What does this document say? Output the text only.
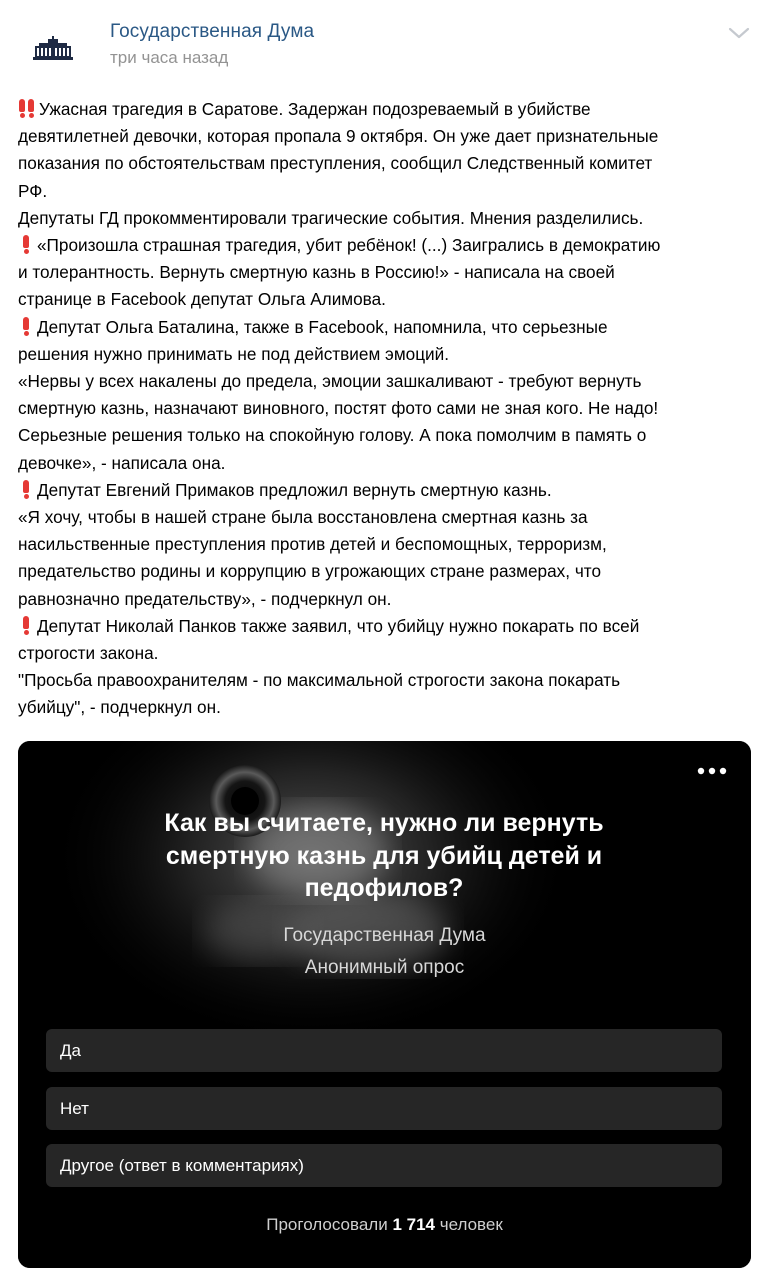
Государственная Дума
три часа назад

Ужасная трагедия в Саратове. Задержан подозреваемый в убийстве

девятилетней девочки, которая пропала 9 октября. Он уже дает признательные

показания по обстоятельствам преступления, сообщил Следственный комитет

РФ.

Депутаты ГД прокомментировали трагические события. Мнения разделились.

«Произошла страшная трагедия, убит ребёнок! (...) Заигрались в демократию

и толерантность. Вернуть смертную казнь в Россию!» - написала на своей

странице в Facebook депутат Ольга Алимова.

Депутат Ольга Баталина, также в Facebook, напомнила, что серьезные

решения нужно принимать не под действием эмоций.

«Нервы у всех накалены до предела, эмоции зашкаливают - требуют вернуть

смертную казнь, назначают виновного, постят фото сами не зная кого. Не надо!

Серьезные решения только на спокойную голову. А пока помолчим в память о

девочке», - написала она.

Депутат Евгений Примаков предложил вернуть смертную казнь.

«Я хочу, чтобы в нашей стране была восстановлена смертная казнь за

насильственные преступления против детей и беспомощных, терроризм,

предательство родины и коррупцию в угрожающих стране размерах, что

равнозначно предательству», - подчеркнул он.

Депутат Николай Панков также заявил, что убийцу нужно покарать по всей

строгости закона.

"Просьба правоохранителям - по максимальной строгости закона покарать

убийцу", - подчеркнул он.

Как вы считаете, нужно ли вернуть смертную казнь для убийц детей и педофилов?
Государственная Дума
Анонимный опрос
Да
Нет
Другое (ответ в комментариях)
Проголосовали 1 714 человек
